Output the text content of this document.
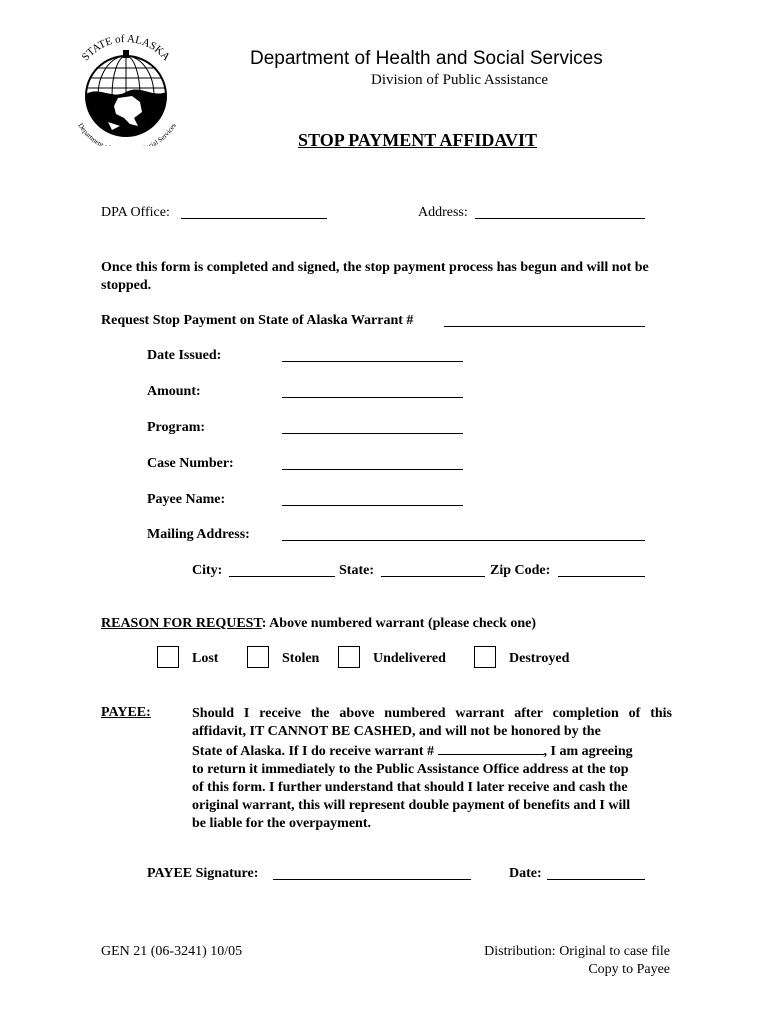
STATE of ALASKA
Department cial Services
Department of Health and Social Services
Division of Public Assistance
STOP PAYMENT AFFIDAVIT
DPA Office:	Address:
Once this form is completed and signed, the stop payment process has begun and will not be stopped.
Request Stop Payment on State of Alaska Warrant #
Date Issued:
Amount:
Program:
Case Number:
Payee Name:
Mailing Address:
City:	State:	Zip Code:
REASON FOR REQUEST: Above numbered warrant (please check one)
Lost	Stolen	Undelivered	Destroyed
PAYEE:	Should I receive the above numbered warrant after completion of this
affidavit, IT CANNOT BE CASHED, and will not be honored by the
State of Alaska. If I do receive warrant #	, I am agreeing
to return it immediately to the Public Assistance Office address at the top
of this form. I further understand that should I later receive and cash the
original warrant, this will represent double payment of benefits and I will
be liable for the overpayment.
PAYEE Signature:	Date:
GEN 21 (06-3241) 10/05	Distribution: Original to case file
Copy to Payee
